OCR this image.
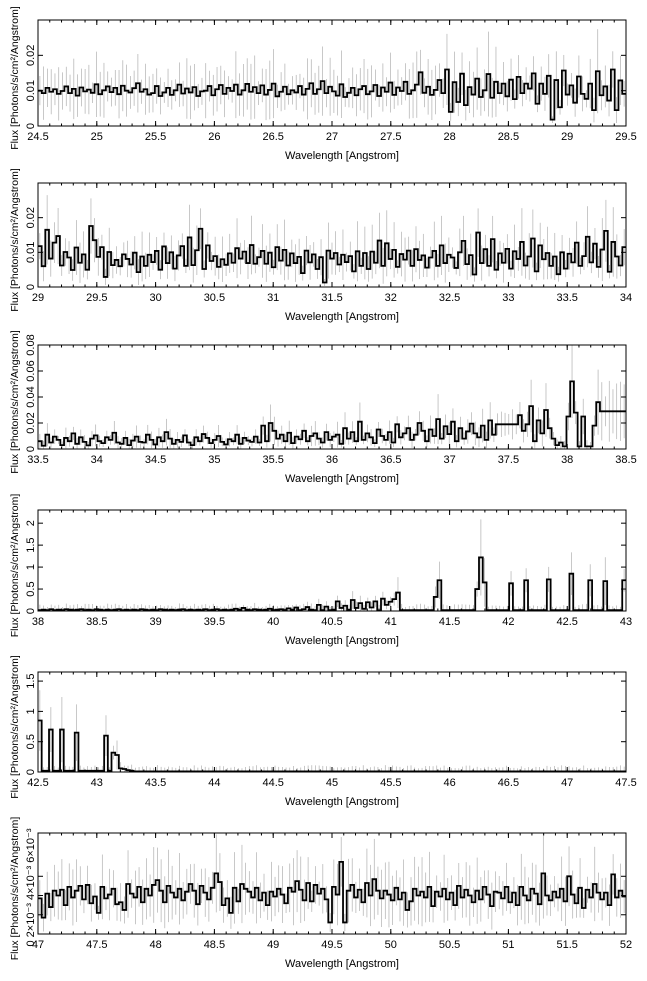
24.5	25	25.5	26	26.5	27	27.5	28	28.5	29	29.5
0
0.01
0.02
Wavelength [Angstrom]
Flux [Photons/s/cm²/Angstrom]
29	29.5	30	30.5	31	31.5	32	32.5	33	33.5	34
0
0.01
0.02
Wavelength [Angstrom]
Flux [Photons/s/cm²/Angstrom]
33.5	34	34.5	35	35.5	36	36.5	37	37.5	38	38.5
0
0.02
0.04
0.06
0.08
Wavelength [Angstrom]
Flux [Photons/s/cm²/Angstrom]
38	38.5	39	39.5	40	40.5	41	41.5	42	42.5	43
0
0.5
1
1.5
2
Wavelength [Angstrom]
Flux [Photons/s/cm²/Angstrom]
42.5	43	43.5	44	44.5	45	45.5	46	46.5	47	47.5
0
0.5
1
1.5
Wavelength [Angstrom]
Flux [Photons/s/cm²/Angstrom]
47	47.5	48	48.5	49	49.5	50	50.5	51	51.5	52
0 2×10⁻³ 4×10⁻³ 6×10⁻³
Wavelength [Angstrom]
Flux [Photons/s/cm²/Angstrom]
